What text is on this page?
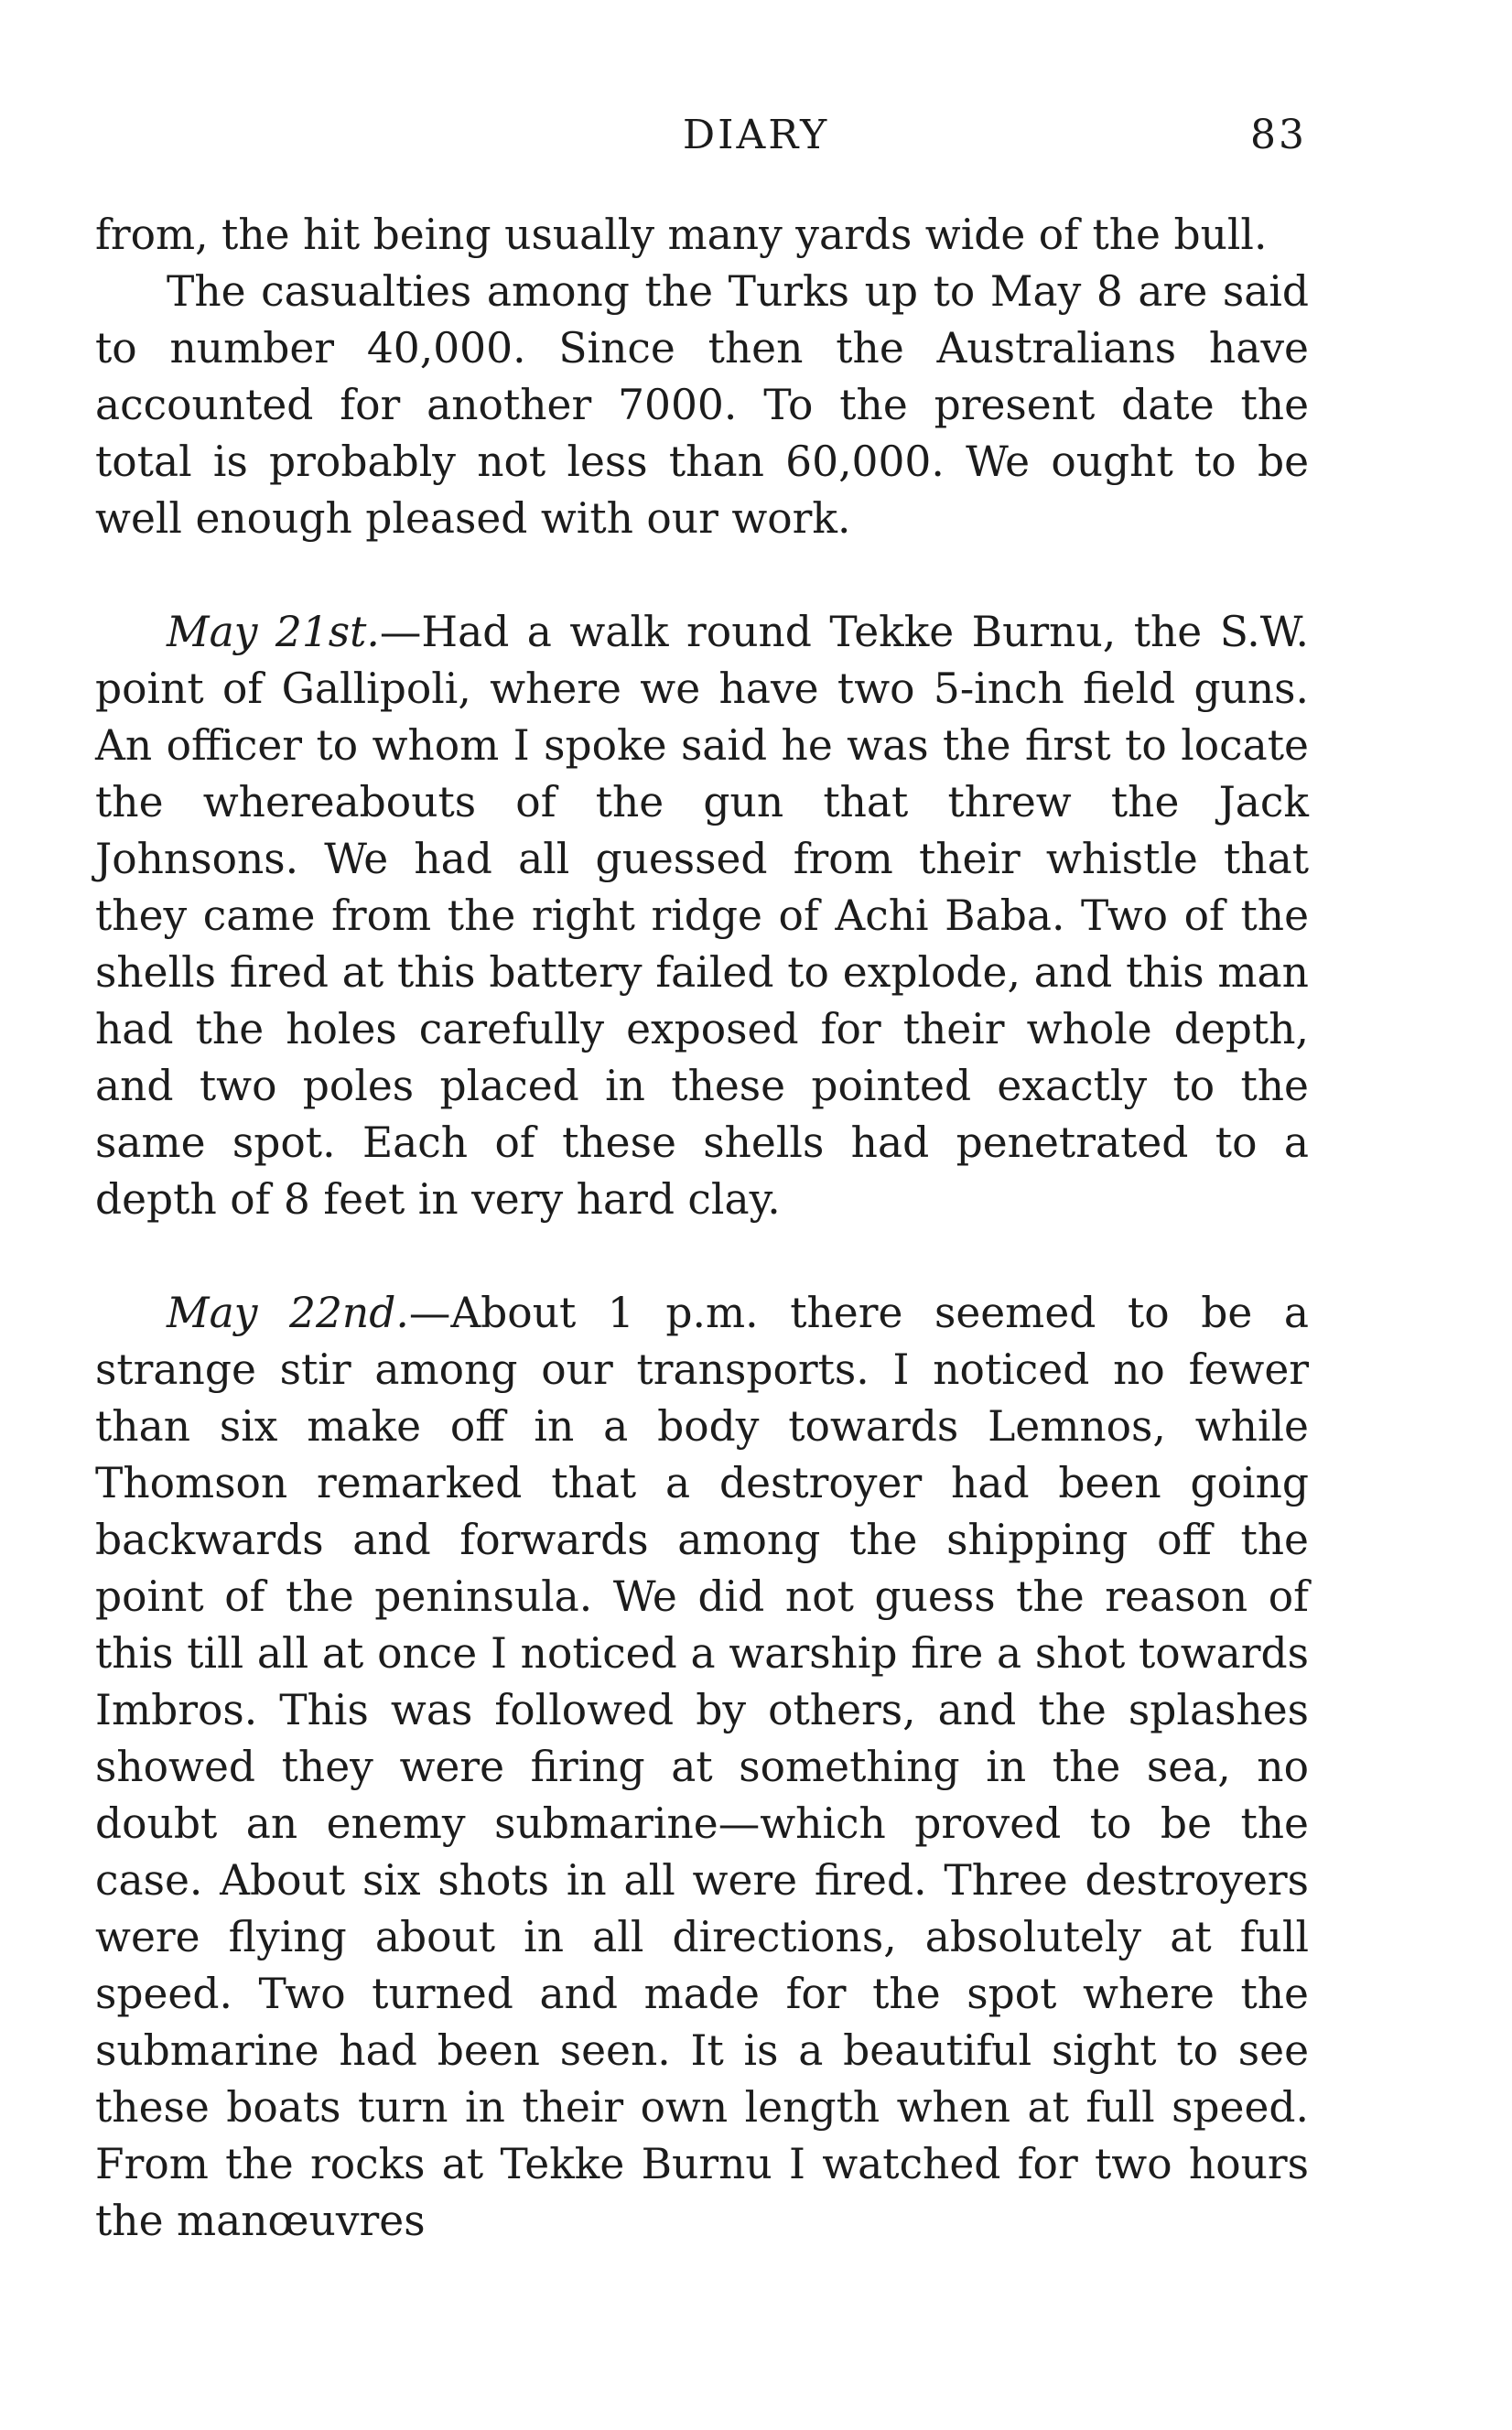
DIARY	83

from, the hit being usually many yards wide of the bull.

The casualties among the Turks up to May 8 are said to number 40,000. Since then the Australians have accounted for another 7000. To the present date the total is probably not less than 60,000. We ought to be well enough pleased with our work.

May 21st.—Had a walk round Tekke Burnu, the S.W. point of Gallipoli, where we have two 5-inch field guns. An officer to whom I spoke said he was the first to locate the whereabouts of the gun that threw the Jack Johnsons. We had all guessed from their whistle that they came from the right ridge of Achi Baba. Two of the shells fired at this battery failed to explode, and this man had the holes carefully exposed for their whole depth, and two poles placed in these pointed exactly to the same spot. Each of these shells had penetrated to a depth of 8 feet in very hard clay.

May 22nd.—About 1 p.m. there seemed to be a strange stir among our transports. I noticed no fewer than six make off in a body towards Lemnos, while Thomson remarked that a destroyer had been going backwards and forwards among the shipping off the point of the peninsula. We did not guess the reason of this till all at once I noticed a warship fire a shot towards Imbros. This was followed by others, and the splashes showed they were firing at something in the sea, no doubt an enemy submarine—which proved to be the case. About six shots in all were fired. Three destroyers were flying about in all directions, absolutely at full speed. Two turned and made for the spot where the submarine had been seen. It is a beautiful sight to see these boats turn in their own length when at full speed. From the rocks at Tekke Burnu I watched for two hours the manœuvres
